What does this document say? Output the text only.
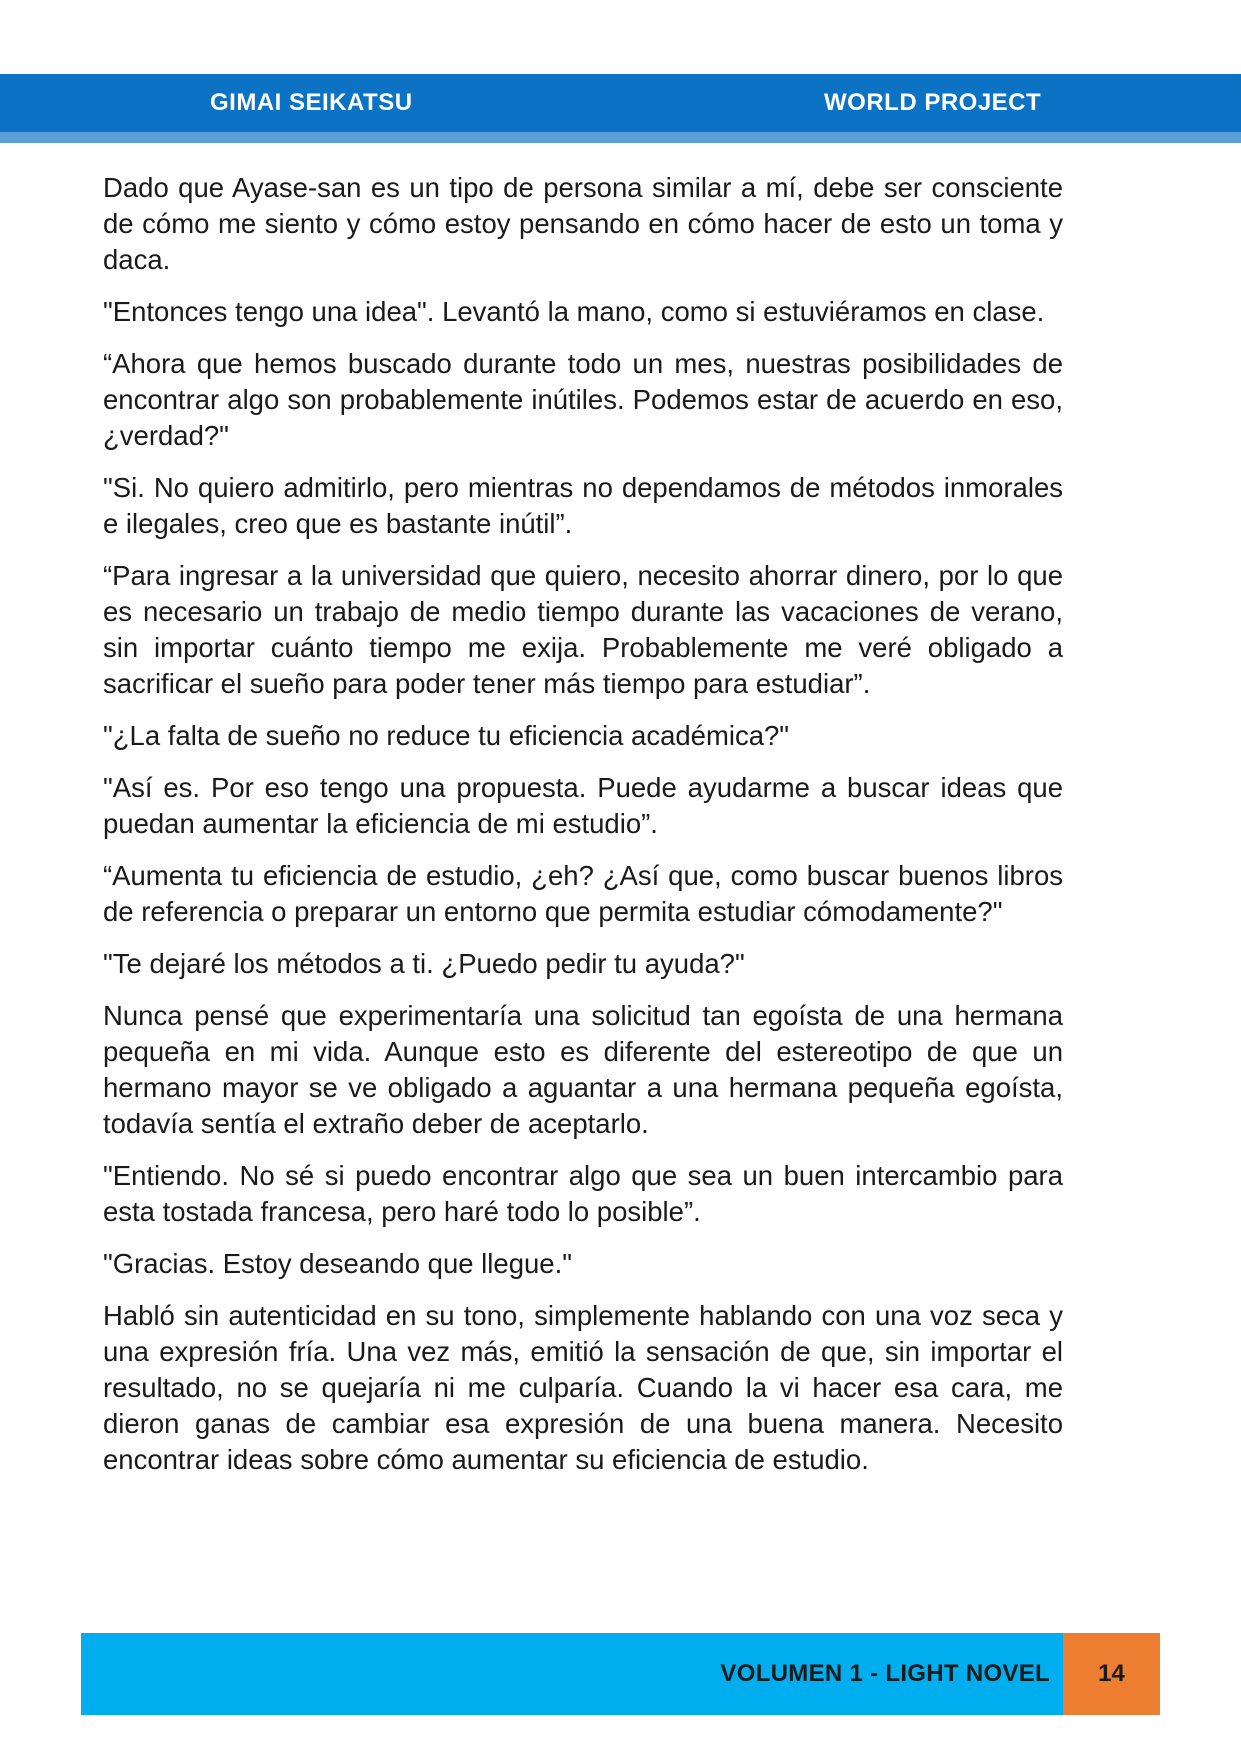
GIMAI SEIKATSU	WORLD PROJECT

Dado que Ayase-san es un tipo de persona similar a mí, debe ser consciente de cómo me siento y cómo estoy pensando en cómo hacer de esto un toma y daca.

"Entonces tengo una idea". Levantó la mano, como si estuviéramos en clase.

“Ahora que hemos buscado durante todo un mes, nuestras posibilidades de encontrar algo son probablemente inútiles. Podemos estar de acuerdo en eso, ¿verdad?"

"Si. No quiero admitirlo, pero mientras no dependamos de métodos inmorales e ilegales, creo que es bastante inútil”.

“Para ingresar a la universidad que quiero, necesito ahorrar dinero, por lo que es necesario un trabajo de medio tiempo durante las vacaciones de verano, sin importar cuánto tiempo me exija. Probablemente me veré obligado a sacrificar el sueño para poder tener más tiempo para estudiar”.

"¿La falta de sueño no reduce tu eficiencia académica?"

"Así es. Por eso tengo una propuesta. Puede ayudarme a buscar ideas que puedan aumentar la eficiencia de mi estudio”.

“Aumenta tu eficiencia de estudio, ¿eh? ¿Así que, como buscar buenos libros de referencia o preparar un entorno que permita estudiar cómodamente?"

"Te dejaré los métodos a ti. ¿Puedo pedir tu ayuda?"

Nunca pensé que experimentaría una solicitud tan egoísta de una hermana pequeña en mi vida. Aunque esto es diferente del estereotipo de que un hermano mayor se ve obligado a aguantar a una hermana pequeña egoísta, todavía sentía el extraño deber de aceptarlo.

"Entiendo. No sé si puedo encontrar algo que sea un buen intercambio para esta tostada francesa, pero haré todo lo posible”.

"Gracias. Estoy deseando que llegue."

Habló sin autenticidad en su tono, simplemente hablando con una voz seca y una expresión fría. Una vez más, emitió la sensación de que, sin importar el resultado, no se quejaría ni me culparía. Cuando la vi hacer esa cara, me dieron ganas de cambiar esa expresión de una buena manera. Necesito encontrar ideas sobre cómo aumentar su eficiencia de estudio.

VOLUMEN 1 - LIGHT NOVEL	14
